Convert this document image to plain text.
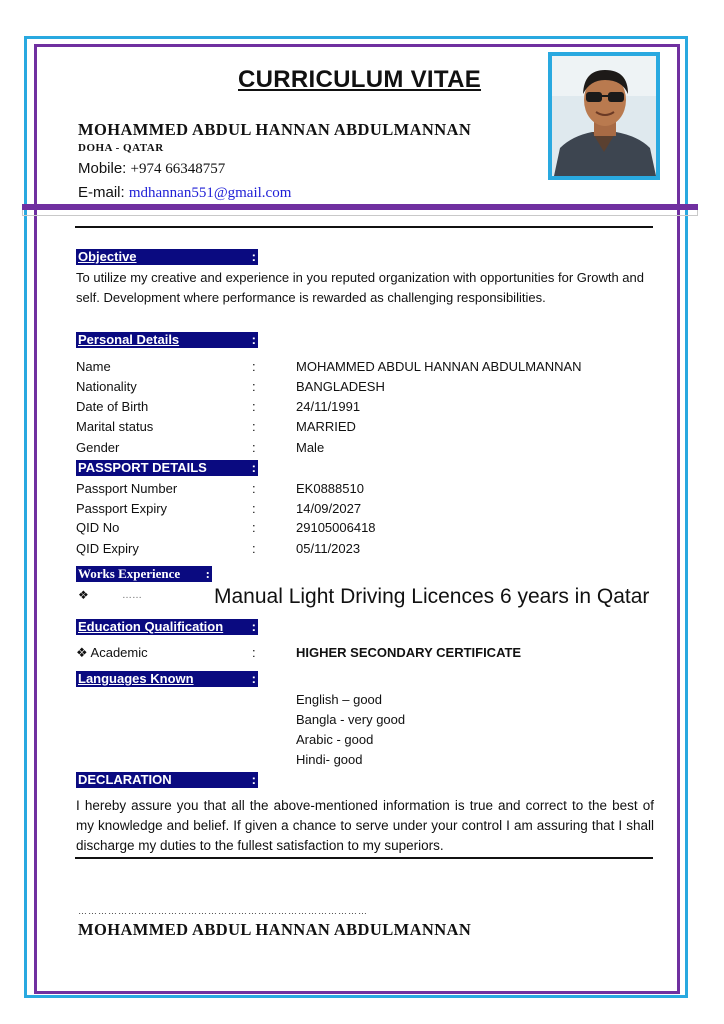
CURRICULUM VITAE
MOHAMMED ABDUL HANNAN ABDULMANNAN
DOHA - QATAR
Mobile: +974 66348757
E-mail: mdhannan551@gmail.com
Objective	:
To utilize my creative and experience in you reputed organization with opportunities for Growth and self. Development where performance is rewarded as challenging responsibilities.
Personal Details	:
Name	:	MOHAMMED ABDUL HANNAN ABDULMANNAN
Nationality	:	BANGLADESH
Date of Birth	:	24/11/1991
Marital status	:	MARRIED
Gender	:	Male
PASSPORT DETAILS	:
Passport Number	:	EK0888510
Passport Expiry	:	14/09/2027
QID No	:	29105006418
QID Expiry	:	05/11/2023
Works Experience :
❖	……	Manual Light Driving Licences 6 years in Qatar
Education Qualification :
❖ Academic	:	HIGHER SECONDARY CERTIFICATE
Languages Known	:
English – good
Bangla - very good
Arabic - good
Hindi- good
DECLARATION	:
I hereby assure you that all the above-mentioned information is true and correct to the best of my knowledge and belief. If given a chance to serve under your control I am assuring that I shall discharge my duties to the fullest satisfaction to my superiors.
……………………………………………………………………………
MOHAMMED ABDUL HANNAN ABDULMANNAN
